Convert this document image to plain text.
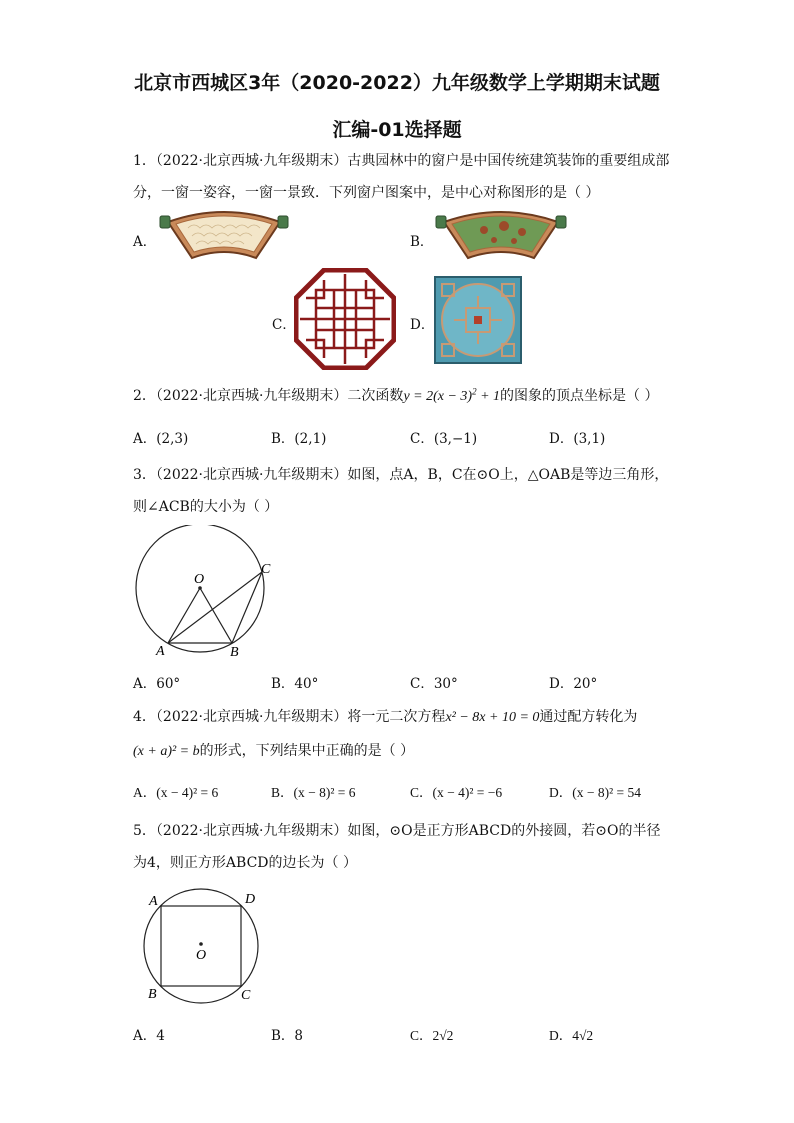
北京市西城区3年（2020-2022）九年级数学上学期期末试题
汇编-01选择题
1．（2022·北京西城·九年级期末）古典园林中的窗户是中国传统建筑装饰的重要组成部
分，一窗一姿容，一窗一景致．下列窗户图案中，是中心对称图形的是（ ）
A．	B．
C．	D．
2．（2022·北京西城·九年级期末）二次函数$y = 2(x - 3)^2 + 1$的图象的顶点坐标是（ ）
A．(2,3)	B．(2,1)	C．(3,−1)	D．(3,1)
3．（2022·北京西城·九年级期末）如图，点A，B，C在⊙O上，△OAB是等边三角形，
则∠ACB的大小为（ ）
O
A	B
C
A．60°	B．40°	C．30°	D．20°
4．（2022·北京西城·九年级期末）将一元二次方程x² − 8x + 10 = 0通过配方转化为
(x + a)² = b的形式，下列结果中正确的是（ ）
A．(x − 4)² = 6	B．(x − 8)² = 6	C．(x − 4)² = −6	D．(x − 8)² = 54
5．（2022·北京西城·九年级期末）如图，⊙O是正方形ABCD的外接圆，若⊙O的半径
为4，则正方形ABCD的边长为（ ）
O
A	D
B	C
A．4	B．8	C．2√2	D．4√2
